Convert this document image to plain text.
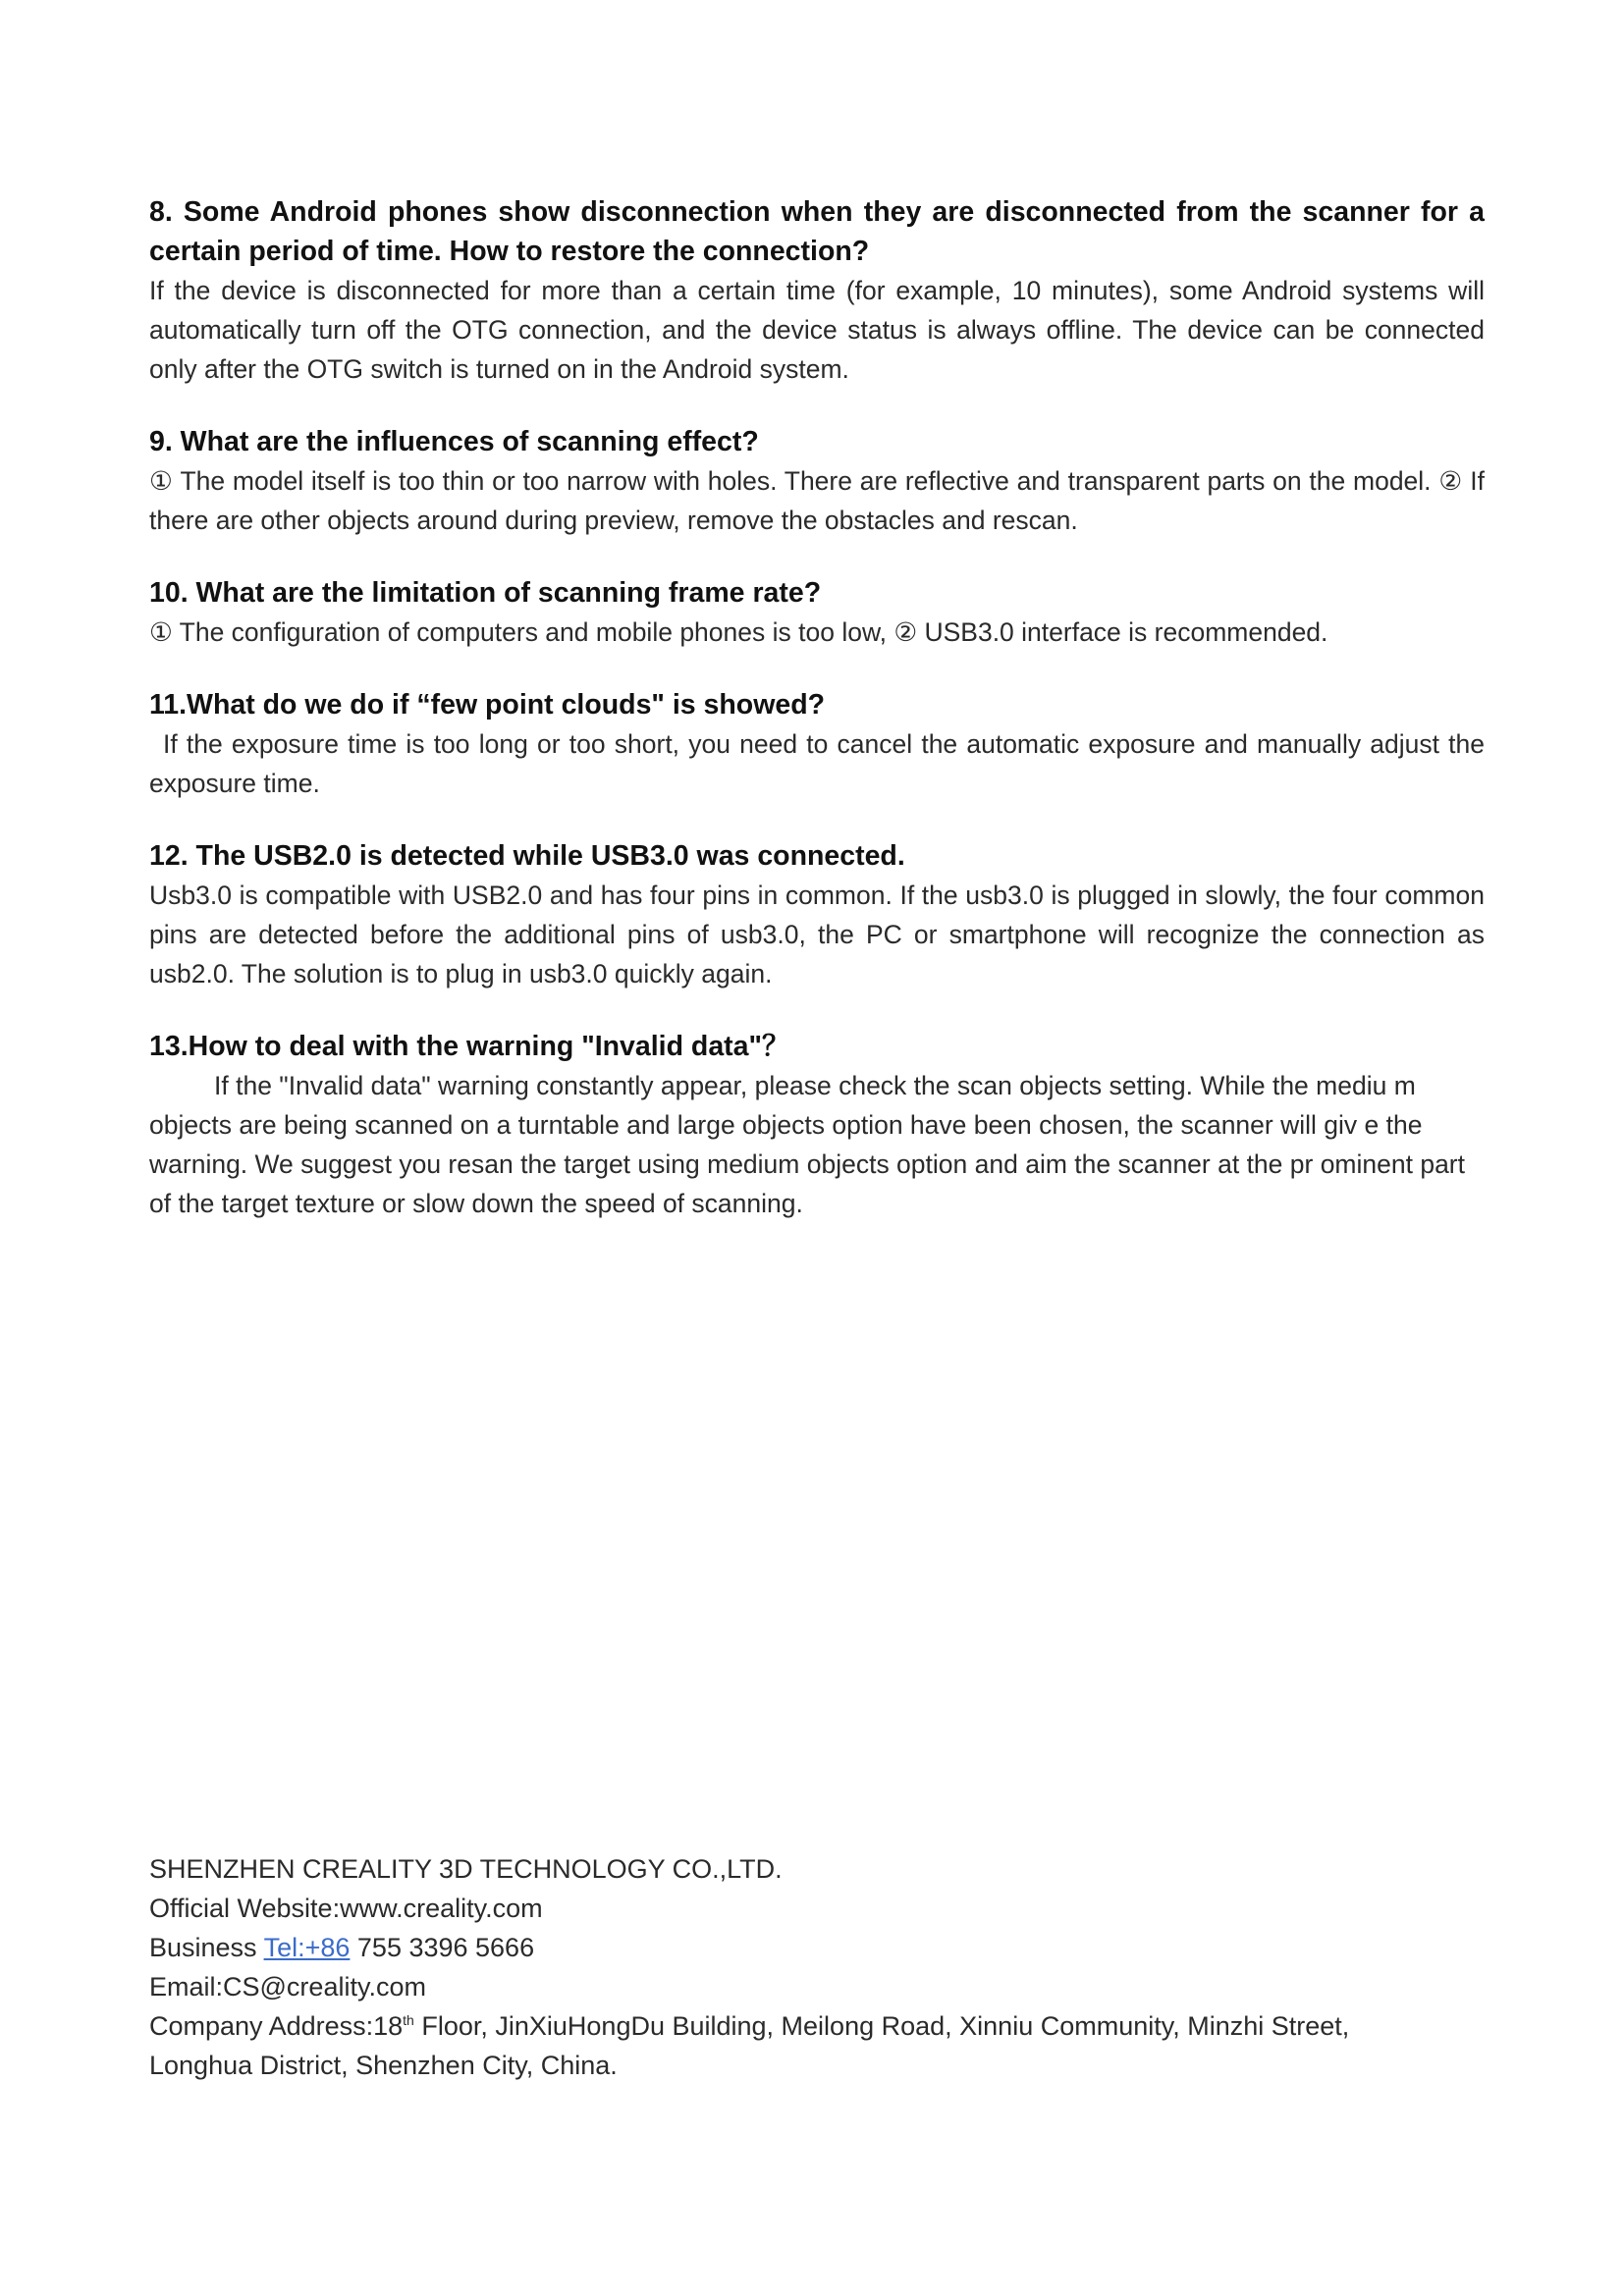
8. Some Android phones show disconnection when they are disconnected from the scanner for a certain period of time. How to restore the connection?

If the device is disconnected for more than a certain time (for example, 10 minutes), some Android systems will automatically turn off the OTG connection, and the device status is always offline. The device can be connected only after the OTG switch is turned on in the Android system.

9. What are the influences of scanning effect?

① The model itself is too thin or too narrow with holes. There are reflective and transparent parts on the model. ② If there are other objects around during preview, remove the obstacles and rescan.

10. What are the limitation of scanning frame rate?

① The configuration of computers and mobile phones is too low, ② USB3.0 interface is recommended.

11.What do we do if “few point clouds" is showed?

If the exposure time is too long or too short, you need to cancel the automatic exposure and manually adjust the exposure time.

12. The USB2.0 is detected while USB3.0 was connected.

Usb3.0 is compatible with USB2.0 and has four pins in common. If the usb3.0 is plugged in slowly, the four common pins are detected before the additional pins of usb3.0, the PC or smartphone will recognize the connection as usb2.0. The solution is to plug in usb3.0 quickly again.

13.How to deal with the warning "Invalid data"？

If the "Invalid data" warning constantly appear, please check the scan objects setting. While the mediu m objects are being scanned on a turntable and large objects option have been chosen, the scanner will giv e the warning. We suggest you resan the target using medium objects option and aim the scanner at the pr ominent part of the target texture or slow down the speed of scanning.

SHENZHEN CREALITY 3D TECHNOLOGY CO.,LTD.

Official Website:www.creality.com

Business Tel:+86 755 3396 5666

Email:CS@creality.com

Company Address:18th Floor, JinXiuHongDu Building, Meilong Road, Xinniu Community, Minzhi Street,

Longhua District, Shenzhen City, China.
